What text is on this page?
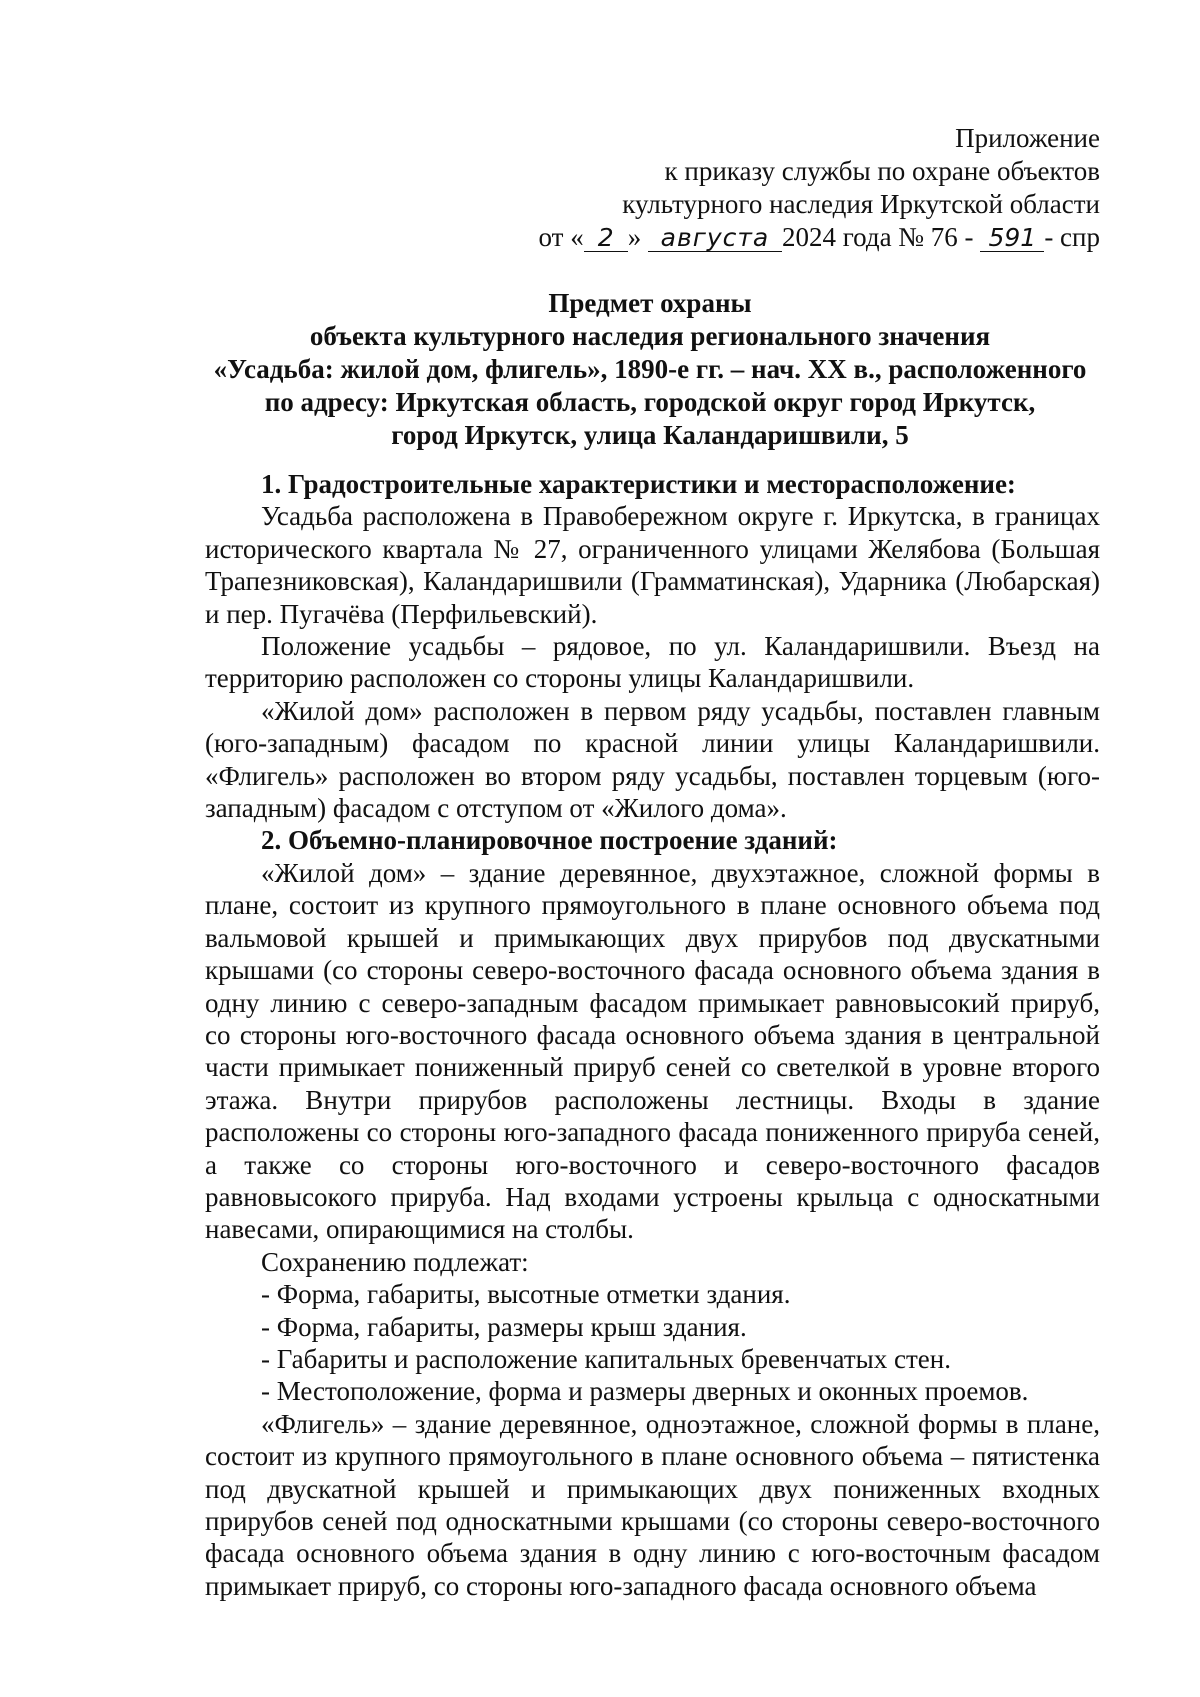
Приложение
к приказу службы по охране объектов
культурного наследия Иркутской области
от « 2 » августа 2024 года № 76 - 591 - спр
Предмет охраны
объекта культурного наследия регионального значения
«Усадьба: жилой дом, флигель», 1890-е гг. – нач. XX в., расположенного
по адресу: Иркутская область, городской округ город Иркутск,
город Иркутск, улица Каландаришвили, 5
1. Градостроительные характеристики и месторасположение:

Усадьба расположена в Правобережном округе г. Иркутска, в границах исторического квартала № 27, ограниченного улицами Желябова (Большая Трапезниковская), Каландаришвили (Грамматинская), Ударника (Любарская) и пер. Пугачёва (Перфильевский).

Положение усадьбы – рядовое, по ул. Каландаришвили. Въезд на территорию расположен со стороны улицы Каландаришвили.

«Жилой дом» расположен в первом ряду усадьбы, поставлен главным (юго-западным) фасадом по красной линии улицы Каландаришвили. «Флигель» расположен во втором ряду усадьбы, поставлен торцевым (юго-западным) фасадом с отступом от «Жилого дома».

2. Объемно-планировочное построение зданий:

«Жилой дом» – здание деревянное, двухэтажное, сложной формы в плане, состоит из крупного прямоугольного в плане основного объема под вальмовой крышей и примыкающих двух прирубов под двускатными крышами (со стороны северо-восточного фасада основного объема здания в одну линию с северо-западным фасадом примыкает равновысокий прируб, со стороны юго-восточного фасада основного объема здания в центральной части примыкает пониженный прируб сеней со светелкой в уровне второго этажа. Внутри прирубов расположены лестницы. Входы в здание расположены со стороны юго-западного фасада пониженного прируба сеней, а также со стороны юго-восточного и северо-восточного фасадов равновысокого прируба. Над входами устроены крыльца с односкатными навесами, опирающимися на столбы.

Сохранению подлежат:
- Форма, габариты, высотные отметки здания.
- Форма, габариты, размеры крыш здания.
- Габариты и расположение капитальных бревенчатых стен.
- Местоположение, форма и размеры дверных и оконных проемов.

«Флигель» – здание деревянное, одноэтажное, сложной формы в плане, состоит из крупного прямоугольного в плане основного объема – пятистенка под двускатной крышей и примыкающих двух пониженных входных прирубов сеней под односкатными крышами (со стороны северо-восточного фасада основного объема здания в одну линию с юго-восточным фасадом примыкает прируб, со стороны юго-западного фасада основного объема
